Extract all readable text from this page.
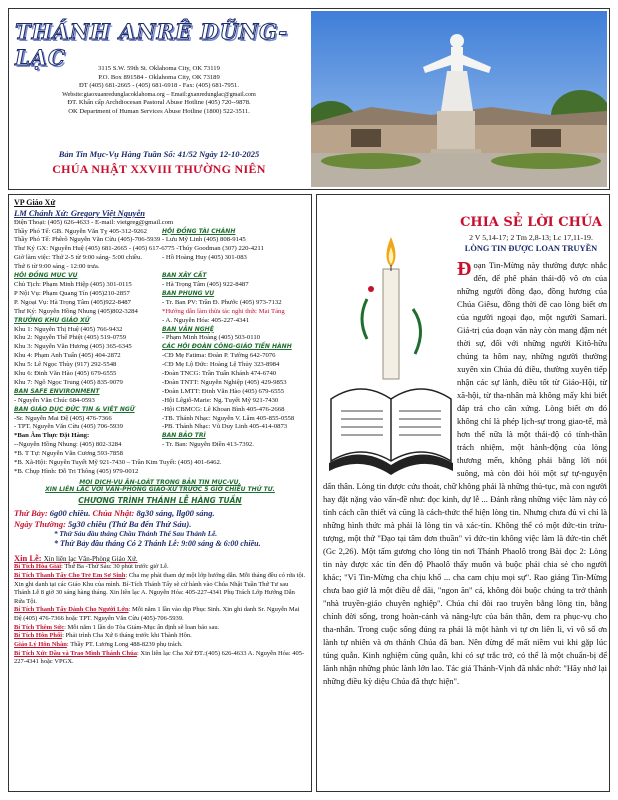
THÁNH ANRÊ DŨNG-LẠC	3115 S.W. 59th St. Oklahoma City, OK 73119
P.O. Box 891584 - Oklahoma City, OK 73189
ĐT (405) 681-2665 - (405) 681-6918 - Fax: (405) 681-7951.
Website:giaoxuanredunglacoklahoma.org – Email:gxanredunglac@gmail.com
ĐT. Khẩn cấp Archdiocesan Pastoral Abuse Hotline (405) 720--9878.
OK Department of Human Services Abuse Hotline (1800) 522-3511.
Bản Tin Mục-Vụ Hàng Tuần Số: 41/52 Ngày 12-10-2025
CHÚA NHẬT XXVIII THƯỜNG NIÊN
VP Giáo Xứ
LM Chánh Xứ: Gregory Việt Nguyễn
Điện Thoại: (405) 626-4633 - E-mail: vietgreg@gmail.com
Thầy Phó Tế: GB. Nguyễn Văn Tỵ 405-312-9262	HỘI ĐỒNG TÀI CHÁNH
Thầy Phó Tế: Phêrô Nguyễn Văn Cừu (405)-706-5939 - Lưu Mỹ Linh (405) 808-9145
Thư Ký GX: Nguyễn Huệ (405) 681-2665 - (405) 617-6775 -Thúy Goodman (307) 220-4211
Giờ làm việc: Thứ 2-5 từ 9:00 sáng- 5:00 chiều.	- Hồ Hoàng Huy (405) 301-083
Thứ 6 từ 9:00 sáng - 12:00 trưa.
HỘI ĐỒNG MỤC VỤ	BAN XÂY CẤT
Chủ Tịch: Phạm Minh Hiệp (405) 301-0115	- Hà Trọng Tâm (405) 922-8487
P Nội Vụ: Phạm Quang Tín (405)210-2857	BAN PHỤNG VỤ
P. Ngoại Vụ: Hà Trọng Tâm (405)922-8487	- Tr. Ban PV: Trần Đ. Phước (405) 973-7132
Thư Ký: Nguyễn Hồng Nhung (405)802-3284	*Hướng dẫn làm thừa tác nghi thức Mai Táng
TRƯỞNG KHU GIÁO XỨ	- A. Nguyễn Hóa: 405-227-4341
Khu 1: Nguyễn Thị Huệ (405) 766-9432	BAN VĂN NGHỆ
Khu 2: Nguyễn Thế Phiệt (405) 519-0759	- Phạm Minh Hoàng (405) 503-0110
Khu 3: Nguyễn Văn Hương (405) 365-6345	CÁC HỘI ĐOÀN CÔNG-GIÁO TIẾN HÀNH
Khu 4: Phạm Anh Tuấn (405) 404-2872	-CĐ Mẹ Fatima: Đoàn P. Tường 642-7076
Khu 5: Lê Ngọc Thùy (917) 292-5548	-CĐ Mẹ Lộ Đức: Hoàng Lệ Thủy 323-8984
Khu 6: Đinh Văn Hào (405) 679-6555	-Đoàn TNCG: Trần Tuấn Khánh 474-6740
Khu 7: Ngô Ngọc Trung (405) 835-9079	-Đoàn TNTT: Nguyễn Nghiệp (405) 429-9853
BAN SAFE ENVIRONMENT	-Đoàn LMTT: Đinh Văn Hào (405) 679-6555
- Nguyễn Văn Chúc 684-0593	-Hội Lêgiô-Marie: Ng. Tuyết Mỹ 921-7430
BAN GIÁO DỤC ĐỨC TIN & VIỆT NGỮ	-Hội CBMCG: Lê Khoan Bình 405-476-2668
-Sr. Nguyễn Mai Đệ (405) 476-7366	-TB. Thánh Nhạc: Nguyễn V. Lâm 405-855-0558
- TPT. Nguyễn Văn Cừu (405) 706-5939	-PB. Thánh Nhạc: Vũ Duy Linh 405-414-0873
*Ban Âm Thực Đặt Hàng:	BAN BẢO TRÌ
--Nguyễn Hồng Nhung: (405) 802-3284	- Tr. Ban: Nguyễn Điền 413-7392.
*B. T Tự: Nguyễn Văn Cương 593-7858
*B. Xã-Hội: Nguyễn Tuyết Mỹ 921-7430 – Trần Kim Tuyết: (405) 401-6462.
*B. Chụp Hình: Đỗ Tri Thông (405) 979-0012
MỌI DỊCH-VỤ ÂN-LOÁT TRONG BẢN TIN MỤC-VỤ,
XIN LIÊN LẠC VỚI VĂN-PHÒNG GIÁO-XỨ TRƯỚC 5 GIỜ CHIỀU THỨ TƯ.
CHƯƠNG TRÌNH THÁNH LỄ HÀNG TUẦN
Thứ Bảy: 6g00 chiều. Chúa Nhật: 8g30 sáng, llg00 sáng.
Ngày Thường: 5g30 chiều (Thứ Ba đến Thứ Sáu).
* Thứ Sáu đầu tháng Chầu Thánh Thể Sau Thánh Lễ.
* Thứ Bảy đầu tháng Có 2 Thánh Lễ: 9:00 sáng & 6:00 chiều.
Xin Lễ: Xin liên lạc Văn-Phòng Giáo Xứ.
Bí Tích Hòa Giải: Thứ Ba -Thứ Sáu: 30 phút trước giờ Lễ.
Bí Tích Thanh Tẩy Cho Trẻ Em Sơ Sinh: Cha mẹ phải tham dự một lớp hướng dẫn. Mỗi tháng đều có rửa tội. Xin ghi danh tại các Giáo Khu của mình. Bí-Tích Thánh Tẩy sẽ cử hành vào Chúa Nhật Tuần Thứ Tư sau Thánh Lễ 8 giờ 30 sáng hàng tháng. Xin liên lạc A. Nguyễn Hóa: 405-227-4341 Phụ Trách Lớp Hướng Dẫn Rửa Tội.
Bí Tích Thanh Tẩy Dành Cho Người Lớn: Mỗi năm 1 lần vào dịp Phục Sinh. Xin ghi danh Sr. Nguyễn Mai Đệ (405) 476-7366 hoặc TPT. Nguyễn Văn Cừu (405)-706-5939.
Bí Tích Thêm Sức: Mỗi năm 1 lần do Tòa Giám-Mục ấn định sẽ loan báo sau.
Bí Tích Hôn Phối: Phải trình Cha Xứ 6 tháng trước khi Thành Hôn.
Giáo Lý Hôn Nhân: Thầy PT. Lương Long 488-8239 phụ trách.
Bí Tích Xức Dầu và Trao Mình Thánh Chúa: Xin liên lạc Cha Xứ ĐT.:(405) 626-4633 A. Nguyễn Hóa: 405-227-4341 hoặc VPGX.
CHIA SẺ LỜI CHÚA
2 V 5,14-17; 2 Tm 2,8-13; Lc 17,11-19.
LÒNG TIN ĐƯỢC LOAN TRUYỀN
Đ oạn Tin-Mừng này thường được nhắc đến, để phê phán thái-độ vô ơn của những người đồng đạo, đồng hương của Chúa Giêsu, đồng thời đề cao lòng biết ơn của người ngoại đạo, một người Samari. Giá-trị của đoạn văn này còn mang đậm nét thời sự, đối với những người Kitô-hữu chúng ta hôm nay, những người thường xuyên xin Chúa đủ điều, thường xuyên tiếp nhận các sự lành, điều tốt từ Giáo-Hội, từ xã-hội, từ tha-nhân mà không mấy khi biết đáp trả cho cân xứng. Lòng biết ơn đó không chỉ là phép lịch-sự trong giao-tế, mà hơn thế nữa là một thái-độ có tính-thần trách nhiệm, một hành-động của lòng thương mến, không phải bằng lời nói suông, mà còn đòi hỏi một sự tự-nguyện dấn thân. Lòng tin được cứu thoát, chữ không phải là những thủ-tục, mà con người hay đặt nặng vào vấn-đề như: đọc kinh, dự lễ ... Đánh rằng những việc làm này có tính cách cần thiết và cũng là cách-thức thể hiện lòng tin. Nhưng chưa đủ vì chỉ là những hình thức mà phải là lòng tin và xác-tín. Không thể có một đức-tin trừu-tượng, một thứ "Đạo tại tâm đơn thuần" vì đức-tin không việc làm là đức-tin chết (Gc 2,26). Một tấm gương cho lòng tin nơi Thánh Phaolô trong Bài đọc 2: Lòng tin này được xác tín đến độ Phaolô thấy muốn và buộc phải chia sẻ cho người khác; "Vì Tin-Mừng cha chịu khổ ... cha cam chịu mọi sự". Rao giảng Tin-Mừng chưa bao giờ là một điều dễ dãi, "ngon ăn" cả, không đòi buộc chúng ta trở thành "nhà truyền-giáo chuyên nghiệp". Chúa chỉ đòi rao truyền bằng lòng tin, bằng chính đời sống, trong hoàn-cảnh và năng-lực của bản thân, đem ra phục-vụ cho tha-nhân. Trong cuộc sống đúng ra phải là một hành vi tự ơn liên lì, vì vô số ơn lành tự nhiên và ơn thánh Chúa đã ban. Nên đừng để mất niềm vui khi gặp lúc túng quẫn. Kinh nghiệm cũng quẫn, khi có sự trắc trở, có thể là một chuẩn-bị để lãnh nhận những phúc lành lớn lao. Tác giả Thánh-Vịnh đã nhắc nhớ: "Hãy nhớ lại những điều kỳ diệu Chúa đã thực hiện".
